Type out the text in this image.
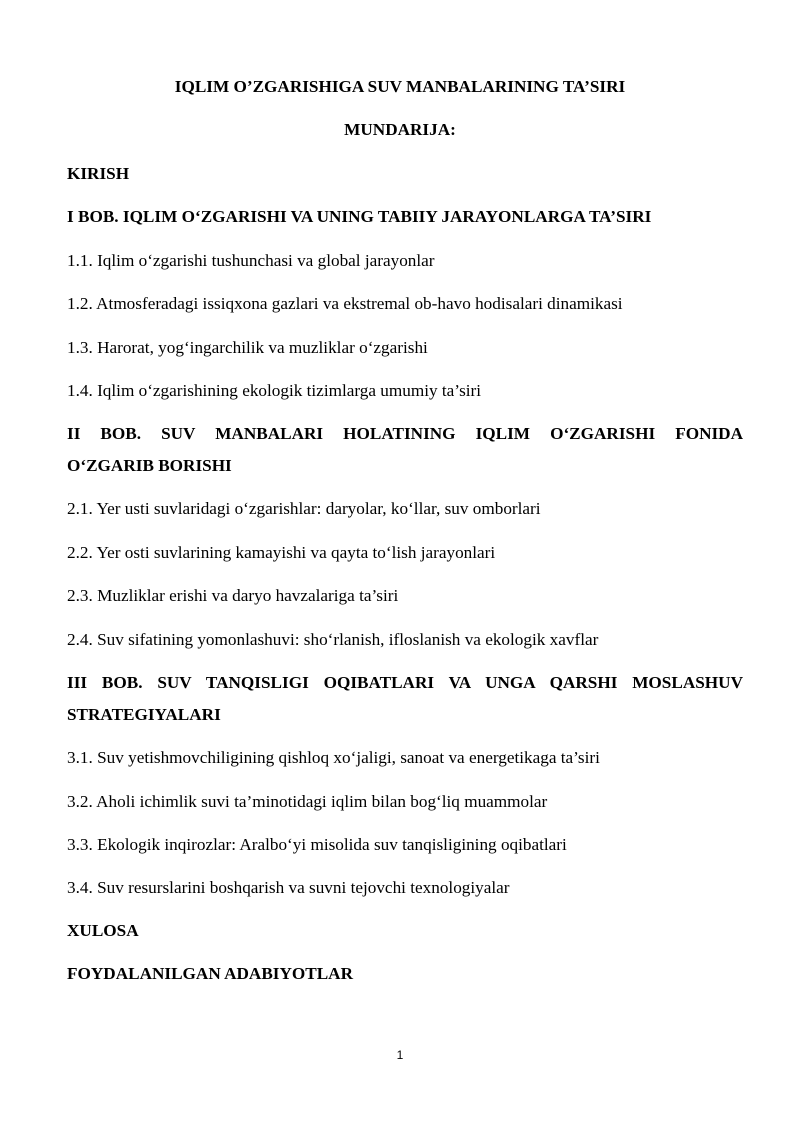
IQLIM O’ZGARISHIGA SUV MANBALARINING TA’SIRI
MUNDARIJA:
KIRISH
I BOB. IQLIM O‘ZGARISHI VA UNING TABIIY JARAYONLARGA TA’SIRI
1.1. Iqlim o‘zgarishi tushunchasi va global jarayonlar
1.2. Atmosferadagi issiqxona gazlari va ekstremal ob-havo hodisalari dinamikasi
1.3. Harorat, yog‘ingarchilik va muzliklar o‘zgarishi
1.4. Iqlim o‘zgarishining ekologik tizimlarga umumiy ta’siri
II BOB. SUV MANBALARI HOLATINING IQLIM O‘ZGARISHI FONIDA
O‘ZGARIB BORISHI
2.1. Yer usti suvlaridagi o‘zgarishlar: daryolar, ko‘llar, suv omborlari
2.2. Yer osti suvlarining kamayishi va qayta to‘lish jarayonlari
2.3. Muzliklar erishi va daryo havzalariga ta’siri
2.4. Suv sifatining yomonlashuvi: sho‘rlanish, ifloslanish va ekologik xavflar
III BOB. SUV TANQISLIGI OQIBATLARI VA UNGA QARSHI MOSLASHUV
STRATEGIYALARI
3.1. Suv yetishmovchiligining qishloq xo‘jaligi, sanoat va energetikaga ta’siri
3.2. Aholi ichimlik suvi ta’minotidagi iqlim bilan bog‘liq muammolar
3.3. Ekologik inqirozlar: Aralbo‘yi misolida suv tanqisligining oqibatlari
3.4. Suv resurslarini boshqarish va suvni tejovchi texnologiyalar
XULOSA
FOYDALANILGAN ADABIYOTLAR
1
